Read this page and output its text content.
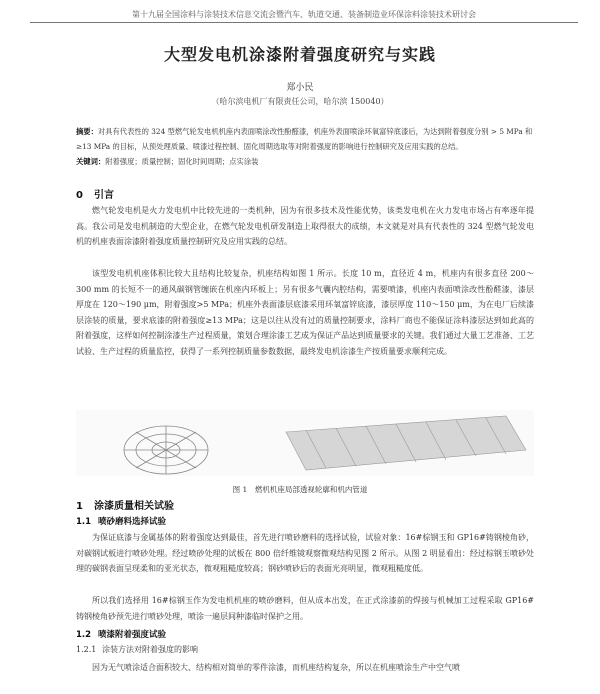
第十九届全国涂料与涂装技术信息交流会暨汽车、轨道交通、装备制造业环保涂料涂装技术研讨会
大型发电机涂漆附着强度研究与实践
郑小民
（哈尔滨电机厂有限责任公司，哈尔滨 150040）
摘要：对具有代表性的 324 型燃气轮发电机机座内表面喷涂改性酚醛漆，机座外表面喷涂环氧富锌底漆后，为达到附着强度分别 > 5 MPa 和≥13 MPa 的目标，从预处理质量、喷漆过程控制、固化周期选取等对附着强度的影响进行控制研究及应用实践的总结。
关键词：附着强度；质量控制；固化时间周期；点实涂装
0 引言
燃气轮发电机是火力发电机中比较先进的一类机种，因为有很多技术及性能优势，该类发电机在火力发电市场占有率逐年提高。我公司是发电机制造的大型企业，在燃气轮发电机研发制造上取得很大的成绩，本文就是对具有代表性的 324 型燃气轮发电机的机座表面涂漆附着强度质量控制研究及应用实践的总结。
该型发电机机座体积比较大且结构比较复杂，机座结构如图 1 所示。长度 10 m，直径近 4 m，机座内有很多直径 200～300 mm 的长短不一的通风碳钢管缠嵌在机座内环板上；另有很多气囊内腔结构，需要喷漆，机座内表面喷涂改性酚醛漆，漆层厚度在 120～190 μm，附着强度>5 MPa；机座外表面漆层底漆采用环氧富锌底漆，漆层厚度 110～150 μm，为在电厂后续漆层涂装的质量，要求底漆的附着强度≥13 MPa；这是以往从没有过的质量控制要求，涂料厂商也不能保证涂料漆层达到如此高的附着强度，这样如何控制涂漆生产过程质量，策划合理涂漆工艺成为保证产品达到质量要求的关键。我们通过大量工艺准备、工艺试验、生产过程的质量监控，获得了一系列控制质量参数数据，最终发电机涂漆生产按质量要求顺利完成。
图 1　燃机机座局部透视轮廓和机内管道
1 涂漆质量相关试验
1.1 喷砂磨料选择试验
为保证底漆与金属基体的附着强度达到最佳，首先进行喷砂磨料的选择试验，试验对象：16#棕钢玉和 GP16#铸钢棱角砂，对碳钢试板进行喷砂处理。经过喷砂处理的试板在 800 倍纤维镜观察微观结构见图 2 所示。从图 2 明显看出：经过棕钢玉喷砂处理的碳钢表面呈现柔和的亚光状态，微观粗糙度较高；钢砂喷砂后的表面光亮明显，微观粗糙度低。
所以我们选择用 16#棕钢玉作为发电机机座的喷砂磨料，但从成本出发，在正式涂漆前的焊接与机械加工过程采取 GP16#铸钢棱角砂预先进行喷砂处理，喷涂一遍层间种漆临时保护之用。
1.2 喷漆附着强度试验
1.2.1 涂装方法对附着强度的影响
因为无气喷涂适合面积较大、结构相对简单的零件涂漆，而机座结构复杂，所以在机座喷涂生产中空气喷
